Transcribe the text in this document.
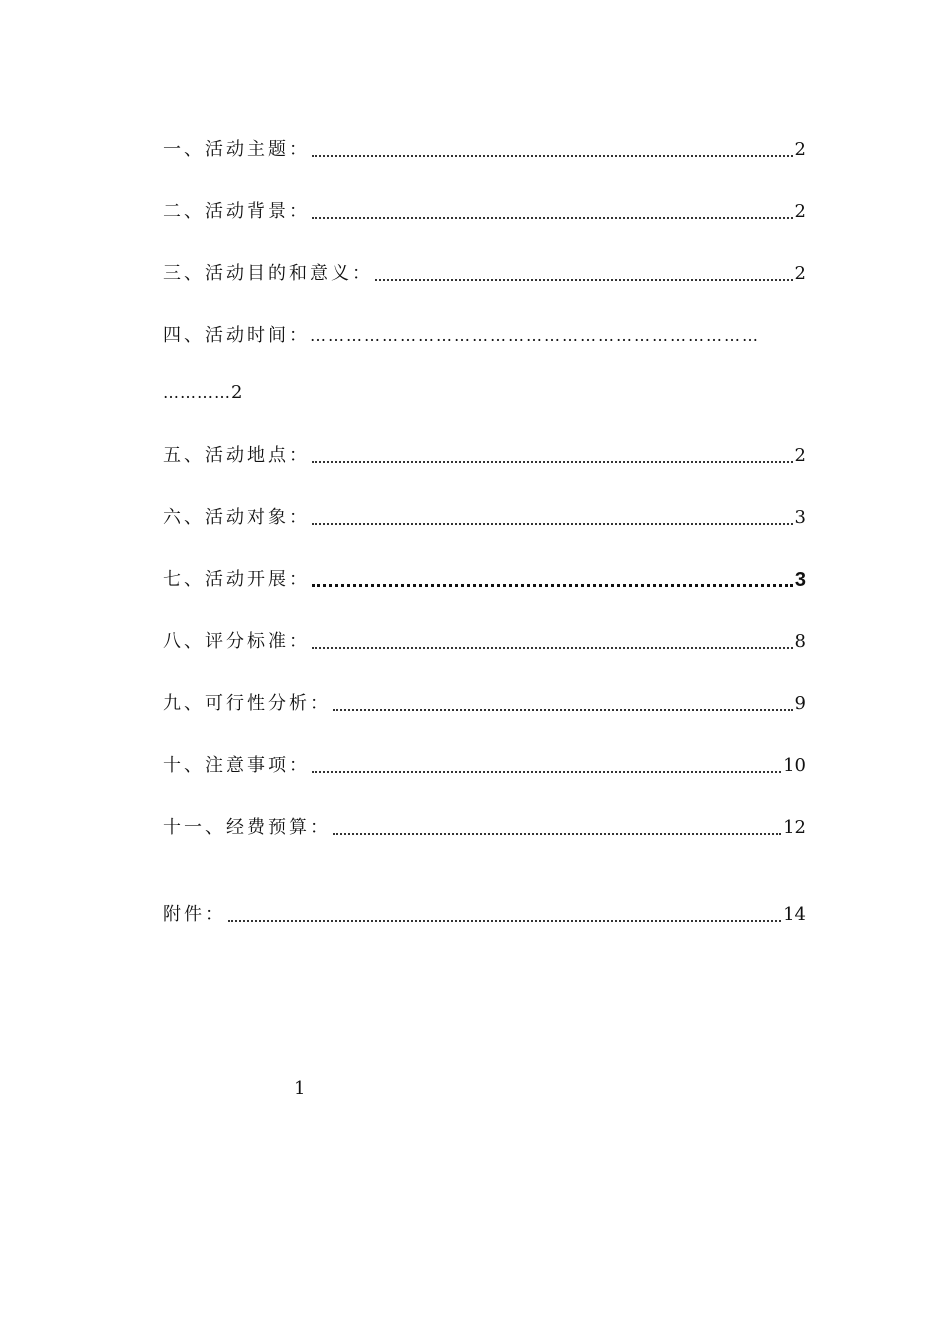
一、活动主题：	2
二、活动背景：	2
三、活动目的和意义：	2
四、活动时间： …………………………………………………………………
………… 2
五、活动地点：	2
六、活动对象：	3
七、活动开展：	3
八、评分标准：	8
九、可行性分析：	9
十、注意事项：	10
十一、经费预算：	12
附件：	14
1
